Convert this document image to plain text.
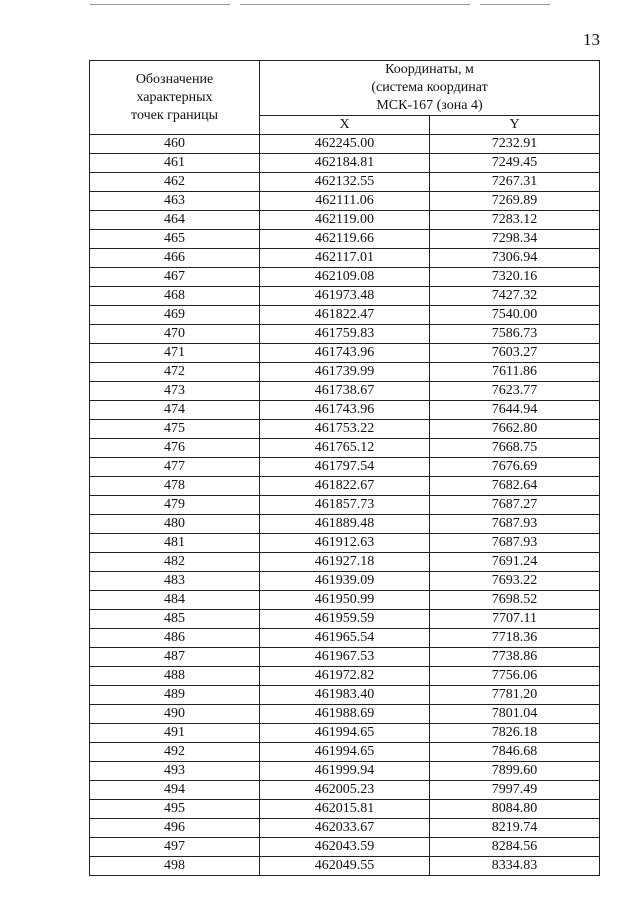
13
Обозначение
характерных
точек границы	Координаты, м
(система координат
МСК-167 (зона 4)	

	X	Y
460	462245.00	7232.91
461	462184.81	7249.45
462	462132.55	7267.31
463	462111.06	7269.89
464	462119.00	7283.12
465	462119.66	7298.34
466	462117.01	7306.94
467	462109.08	7320.16
468	461973.48	7427.32
469	461822.47	7540.00
470	461759.83	7586.73
471	461743.96	7603.27
472	461739.99	7611.86
473	461738.67	7623.77
474	461743.96	7644.94
475	461753.22	7662.80
476	461765.12	7668.75
477	461797.54	7676.69
478	461822.67	7682.64
479	461857.73	7687.27
480	461889.48	7687.93
481	461912.63	7687.93
482	461927.18	7691.24
483	461939.09	7693.22
484	461950.99	7698.52
485	461959.59	7707.11
486	461965.54	7718.36
487	461967.53	7738.86
488	461972.82	7756.06
489	461983.40	7781.20
490	461988.69	7801.04
491	461994.65	7826.18
492	461994.65	7846.68
493	461999.94	7899.60
494	462005.23	7997.49
495	462015.81	8084.80
496	462033.67	8219.74
497	462043.59	8284.56
498	462049.55	8334.83
